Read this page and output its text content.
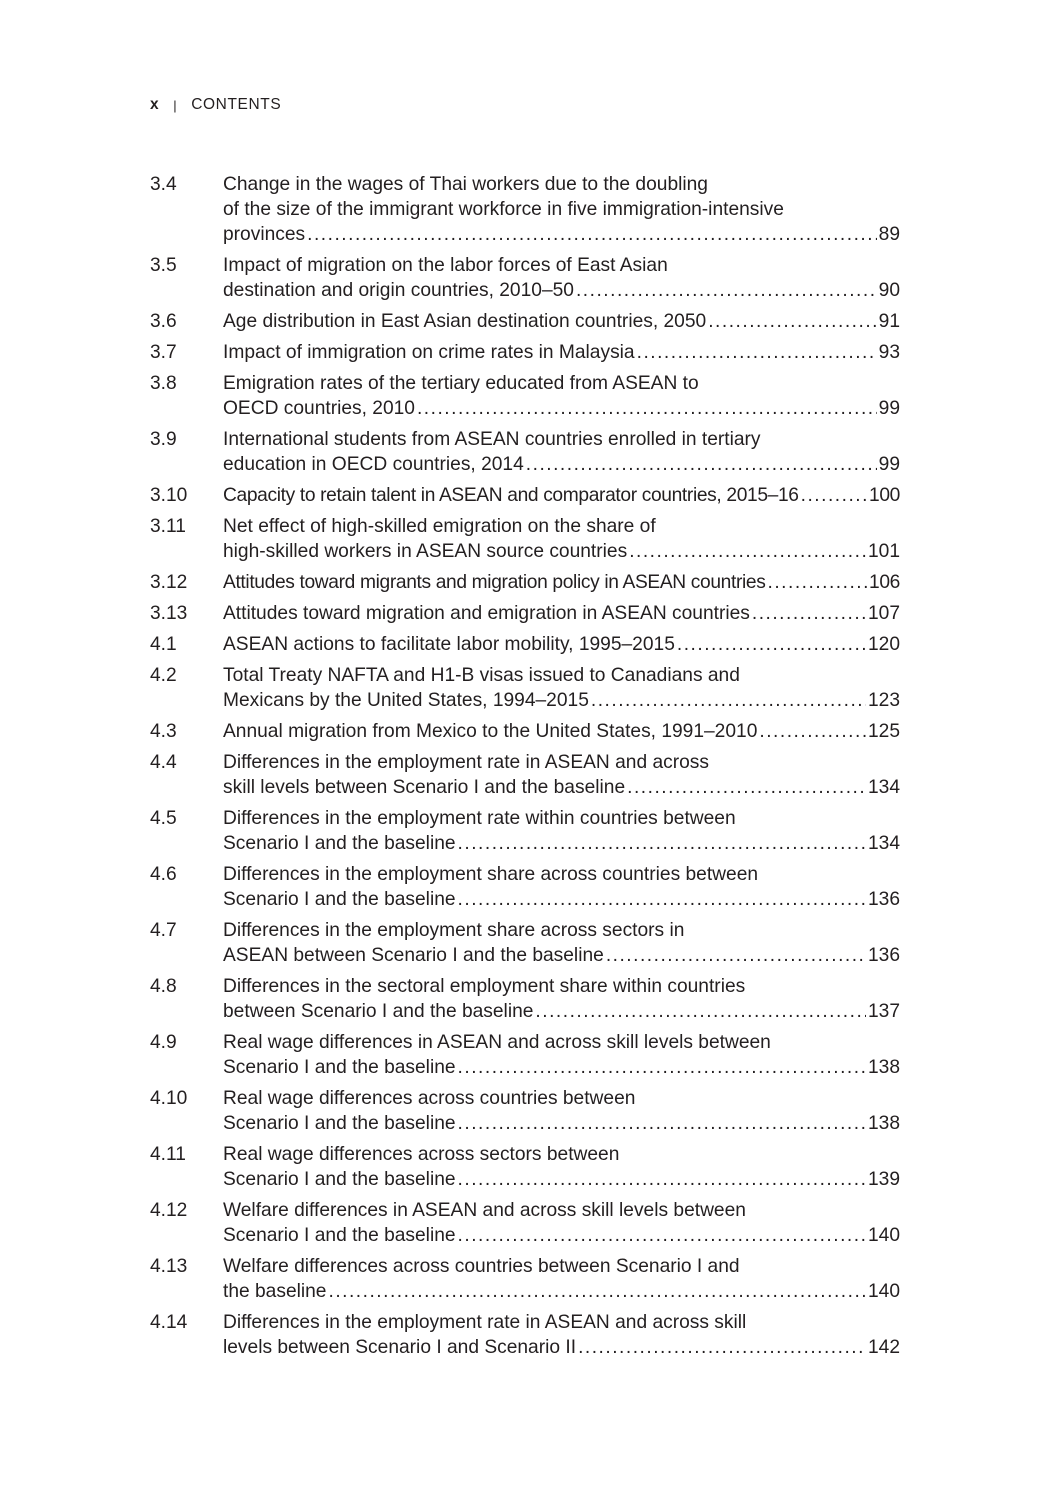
x | CONTENTS
3.4	Change in the wages of Thai workers due to the doubling
of the size of the immigrant workforce in five immigration-intensive
provinces .....	89
3.5	Impact of migration on the labor forces of East Asian
destination and origin countries, 2010–50 .....	90
3.6	Age distribution in East Asian destination countries, 2050 .....	91
3.7	Impact of immigration on crime rates in Malaysia .....	93
3.8	Emigration rates of the tertiary educated from ASEAN to
OECD countries, 2010 .....	99
3.9	International students from ASEAN countries enrolled in tertiary
education in OECD countries, 2014 .....	99
3.10	Capacity to retain talent in ASEAN and comparator countries, 2015–16 .....	100
3.11	Net effect of high-skilled emigration on the share of
high-skilled workers in ASEAN source countries .....	101
3.12	Attitudes toward migrants and migration policy in ASEAN countries .....	106
3.13	Attitudes toward migration and emigration in ASEAN countries .....	107
4.1	ASEAN actions to facilitate labor mobility, 1995–2015 .....	120
4.2	Total Treaty NAFTA and H1-B visas issued to Canadians and
Mexicans by the United States, 1994–2015 .....	123
4.3	Annual migration from Mexico to the United States, 1991–2010 .....	125
4.4	Differences in the employment rate in ASEAN and across
skill levels between Scenario I and the baseline .....	134
4.5	Differences in the employment rate within countries between
Scenario I and the baseline .....	134
4.6	Differences in the employment share across countries between
Scenario I and the baseline .....	136
4.7	Differences in the employment share across sectors in
ASEAN between Scenario I and the baseline .....	136
4.8	Differences in the sectoral employment share within countries
between Scenario I and the baseline .....	137
4.9	Real wage differences in ASEAN and across skill levels between
Scenario I and the baseline .....	138
4.10	Real wage differences across countries between
Scenario I and the baseline .....	138
4.11	Real wage differences across sectors between
Scenario I and the baseline .....	139
4.12	Welfare differences in ASEAN and across skill levels between
Scenario I and the baseline .....	140
4.13	Welfare differences across countries between Scenario I and
the baseline .....	140
4.14	Differences in the employment rate in ASEAN and across skill
levels between Scenario I and Scenario II .....	142
